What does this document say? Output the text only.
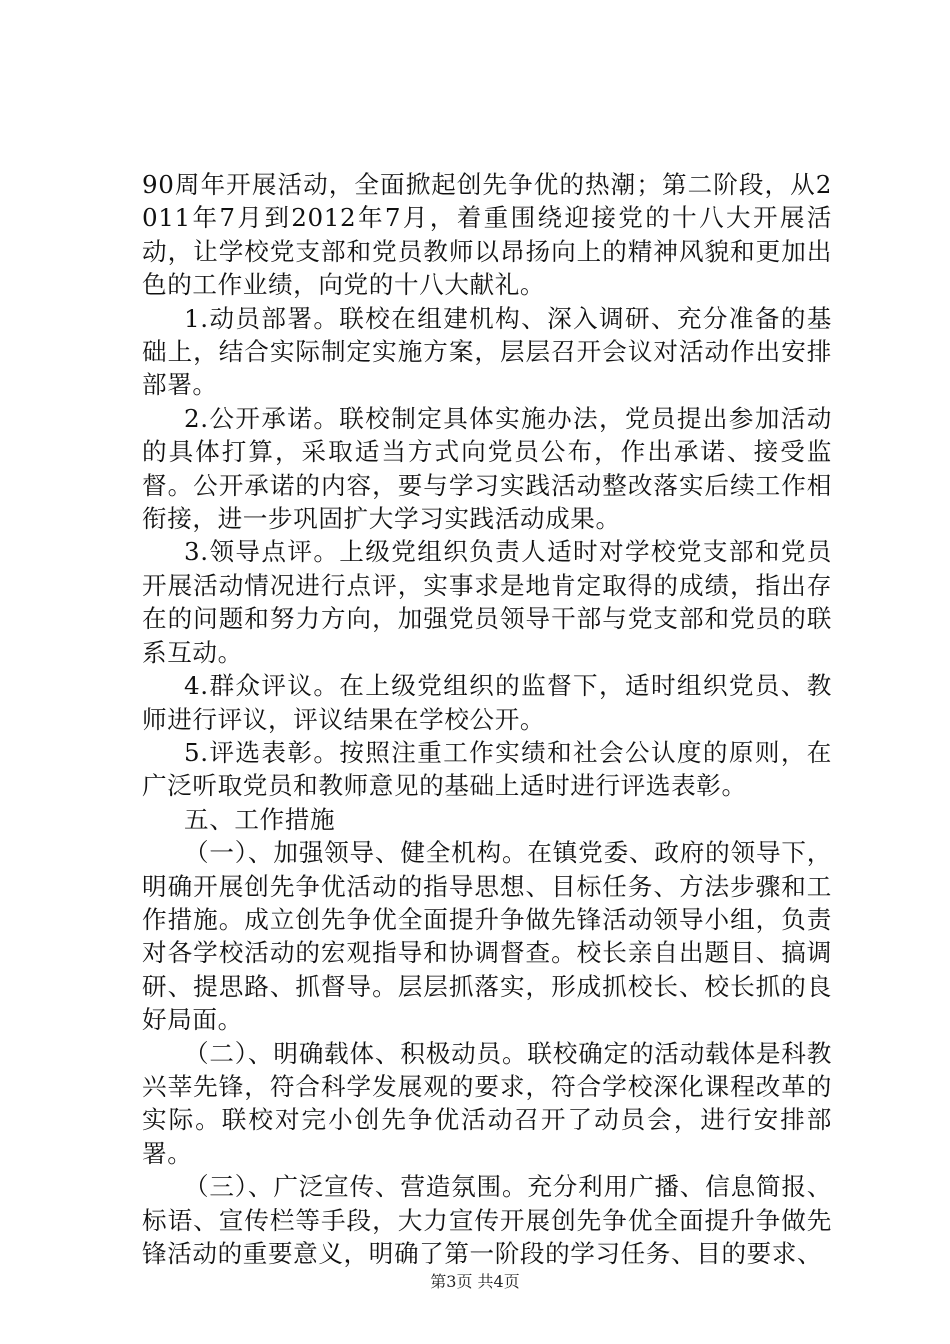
90周年开展活动，全面掀起创先争优的热潮；第二阶段，从2011年7月到2012年7月，着重围绕迎接党的十八大开展活动，让学校党支部和党员教师以昂扬向上的精神风貌和更加出色的工作业绩，向党的十八大献礼。

1.动员部署。联校在组建机构、深入调研、充分准备的基础上，结合实际制定实施方案，层层召开会议对活动作出安排部署。

2.公开承诺。联校制定具体实施办法，党员提出参加活动的具体打算，采取适当方式向党员公布，作出承诺、接受监督。公开承诺的内容，要与学习实践活动整改落实后续工作相衔接，进一步巩固扩大学习实践活动成果。

3.领导点评。上级党组织负责人适时对学校党支部和党员开展活动情况进行点评，实事求是地肯定取得的成绩，指出存在的问题和努力方向，加强党员领导干部与党支部和党员的联系互动。

4.群众评议。在上级党组织的监督下，适时组织党员、教师进行评议，评议结果在学校公开。

5.评选表彰。按照注重工作实绩和社会公认度的原则，在广泛听取党员和教师意见的基础上适时进行评选表彰。

五、工作措施

（一）、加强领导、健全机构。在镇党委、政府的领导下，明确开展创先争优活动的指导思想、目标任务、方法步骤和工作措施。成立创先争优全面提升争做先锋活动领导小组，负责对各学校活动的宏观指导和协调督查。校长亲自出题目、搞调研、提思路、抓督导。层层抓落实，形成抓校长、校长抓的良好局面。

（二）、明确载体、积极动员。联校确定的活动载体是科教兴莘先锋，符合科学发展观的要求，符合学校深化课程改革的实际。联校对完小创先争优活动召开了动员会，进行安排部署。

（三）、广泛宣传、营造氛围。充分利用广播、信息简报、标语、宣传栏等手段，大力宣传开展创先争优全面提升争做先锋活动的重要意义，明确了第一阶段的学习任务、目的要求、

第3页 共4页
